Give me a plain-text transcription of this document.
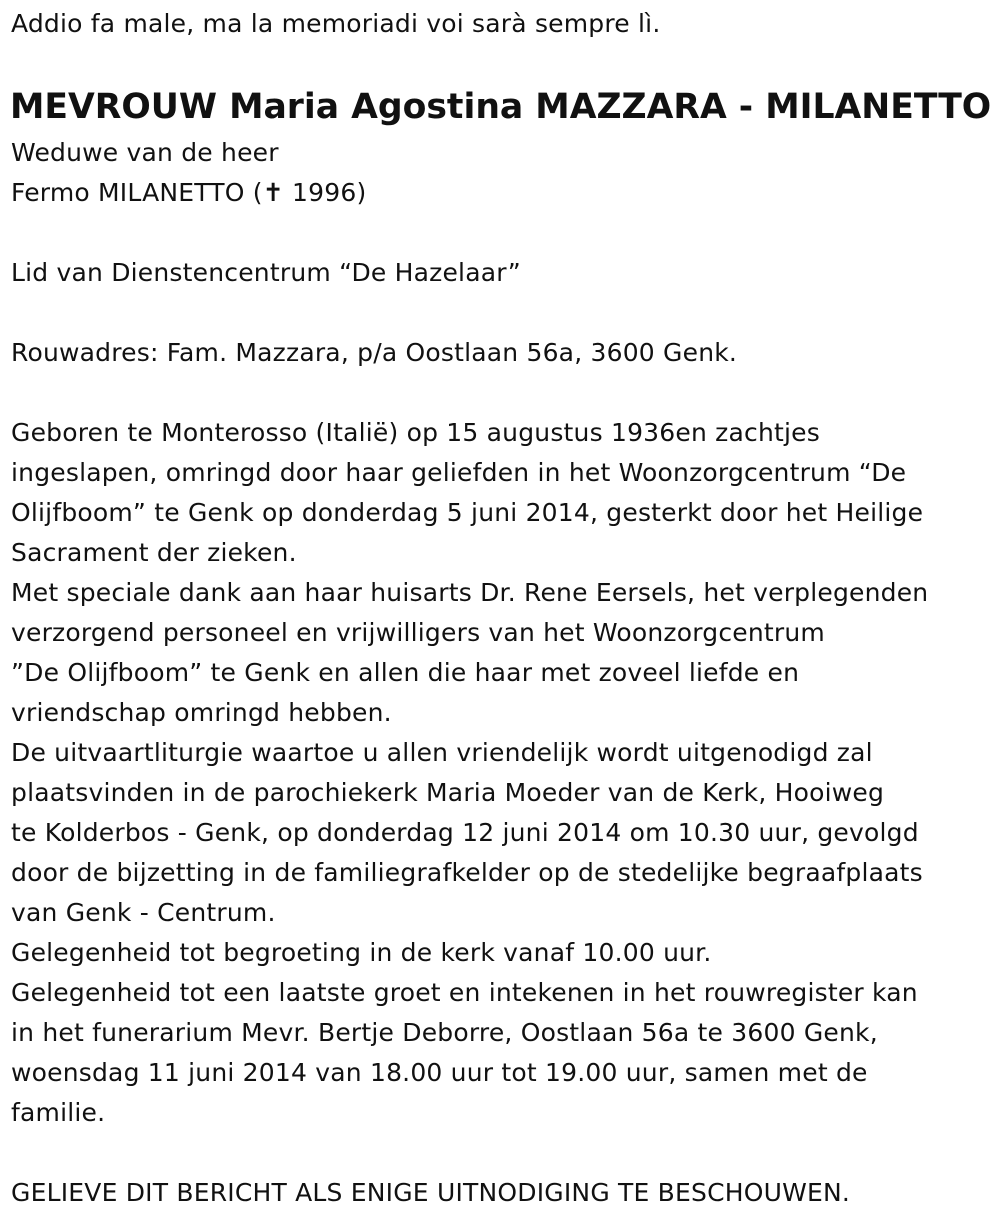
Addio fa male, ma la memoriadi voi sarà sempre lì.
MEVROUW Maria Agostina MAZZARA - MILANETTO
Weduwe van de heer
Fermo MILANETTO (✝ 1996)
Lid van Dienstencentrum “De Hazelaar”
Rouwadres: Fam. Mazzara, p/a Oostlaan 56a, 3600 Genk.
Geboren te Monterosso (Italië) op 15 augustus 1936en zachtjes
ingeslapen, omringd door haar geliefden in het Woonzorgcentrum “De
Olijfboom” te Genk op donderdag 5 juni 2014, gesterkt door het Heilige
Sacrament der zieken.
Met speciale dank aan haar huisarts Dr. Rene Eersels, het verplegenden
verzorgend personeel en vrijwilligers van het Woonzorgcentrum
”De Olijfboom” te Genk en allen die haar met zoveel liefde en
vriendschap omringd hebben.
De uitvaartliturgie waartoe u allen vriendelijk wordt uitgenodigd zal
plaatsvinden in de parochiekerk Maria Moeder van de Kerk, Hooiweg
te Kolderbos - Genk, op donderdag 12 juni 2014 om 10.30 uur, gevolgd
door de bijzetting in de familiegrafkelder op de stedelijke begraafplaats
van Genk - Centrum.
Gelegenheid tot begroeting in de kerk vanaf 10.00 uur.
Gelegenheid tot een laatste groet en intekenen in het rouwregister kan
in het funerarium Mevr. Bertje Deborre, Oostlaan 56a te 3600 Genk,
woensdag 11 juni 2014 van 18.00 uur tot 19.00 uur, samen met de
familie.
GELIEVE DIT BERICHT ALS ENIGE UITNODIGING TE BESCHOUWEN.
